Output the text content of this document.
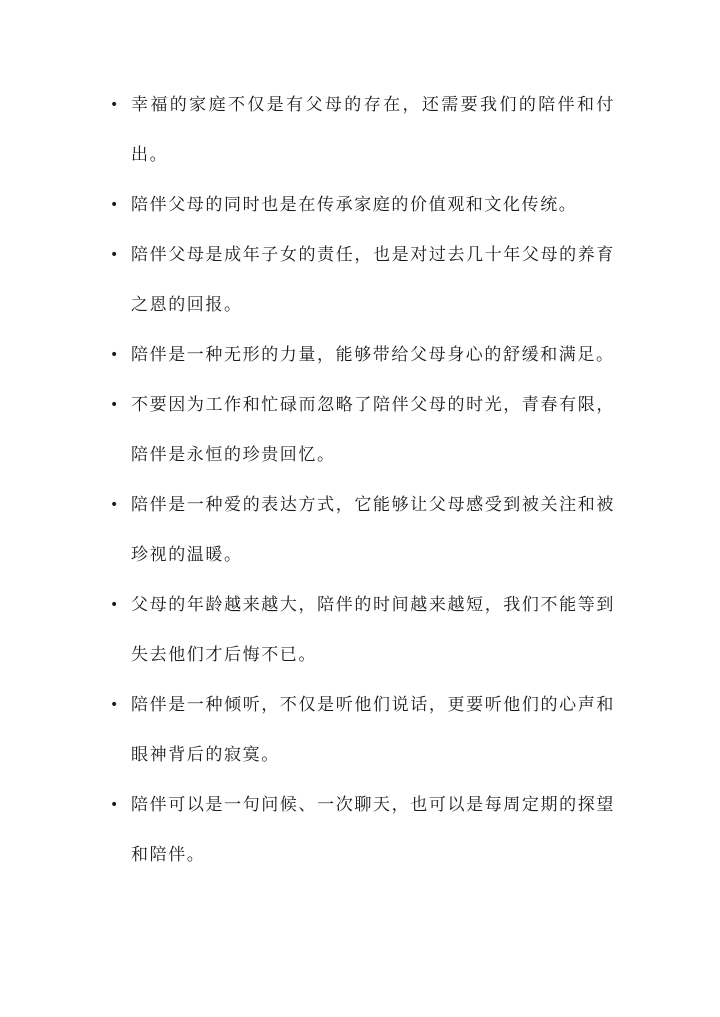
• 幸福的家庭不仅是有父母的存在，还需要我们的陪伴和付出。
• 陪伴父母的同时也是在传承家庭的价值观和文化传统。
• 陪伴父母是成年子女的责任，也是对过去几十年父母的养育之恩的回报。
• 陪伴是一种无形的力量，能够带给父母身心的舒缓和满足。
• 不要因为工作和忙碌而忽略了陪伴父母的时光，青春有限，陪伴是永恒的珍贵回忆。
• 陪伴是一种爱的表达方式，它能够让父母感受到被关注和被珍视的温暖。
• 父母的年龄越来越大，陪伴的时间越来越短，我们不能等到失去他们才后悔不已。
• 陪伴是一种倾听，不仅是听他们说话，更要听他们的心声和眼神背后的寂寞。
• 陪伴可以是一句问候、一次聊天，也可以是每周定期的探望和陪伴。
